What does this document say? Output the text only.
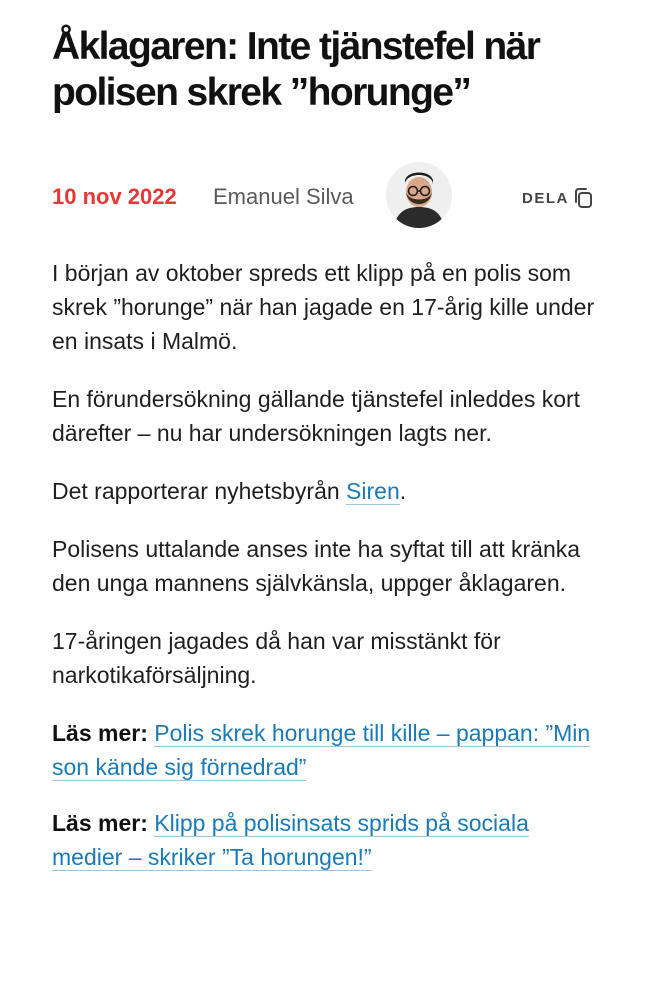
Åklagaren: Inte tjänstefel när polisen skrek ”horunge”
10 nov 2022 Emanuel Silva	DELA

I början av oktober spreds ett klipp på en polis som skrek ”horunge” när han jagade en 17-årig kille under en insats i Malmö.

En förundersökning gällande tjänstefel inleddes kort därefter – nu har undersökningen lagts ner.

Det rapporterar nyhetsbyrån Siren.

Polisens uttalande anses inte ha syftat till att kränka den unga mannens självkänsla, uppger åklagaren.

17-åringen jagades då han var misstänkt för narkotikaförsäljning.

Läs mer: Polis skrek horunge till kille – pappan: ”Min son kände sig förnedrad”

Läs mer: Klipp på polisinsats sprids på sociala medier – skriker ”Ta horungen!”
